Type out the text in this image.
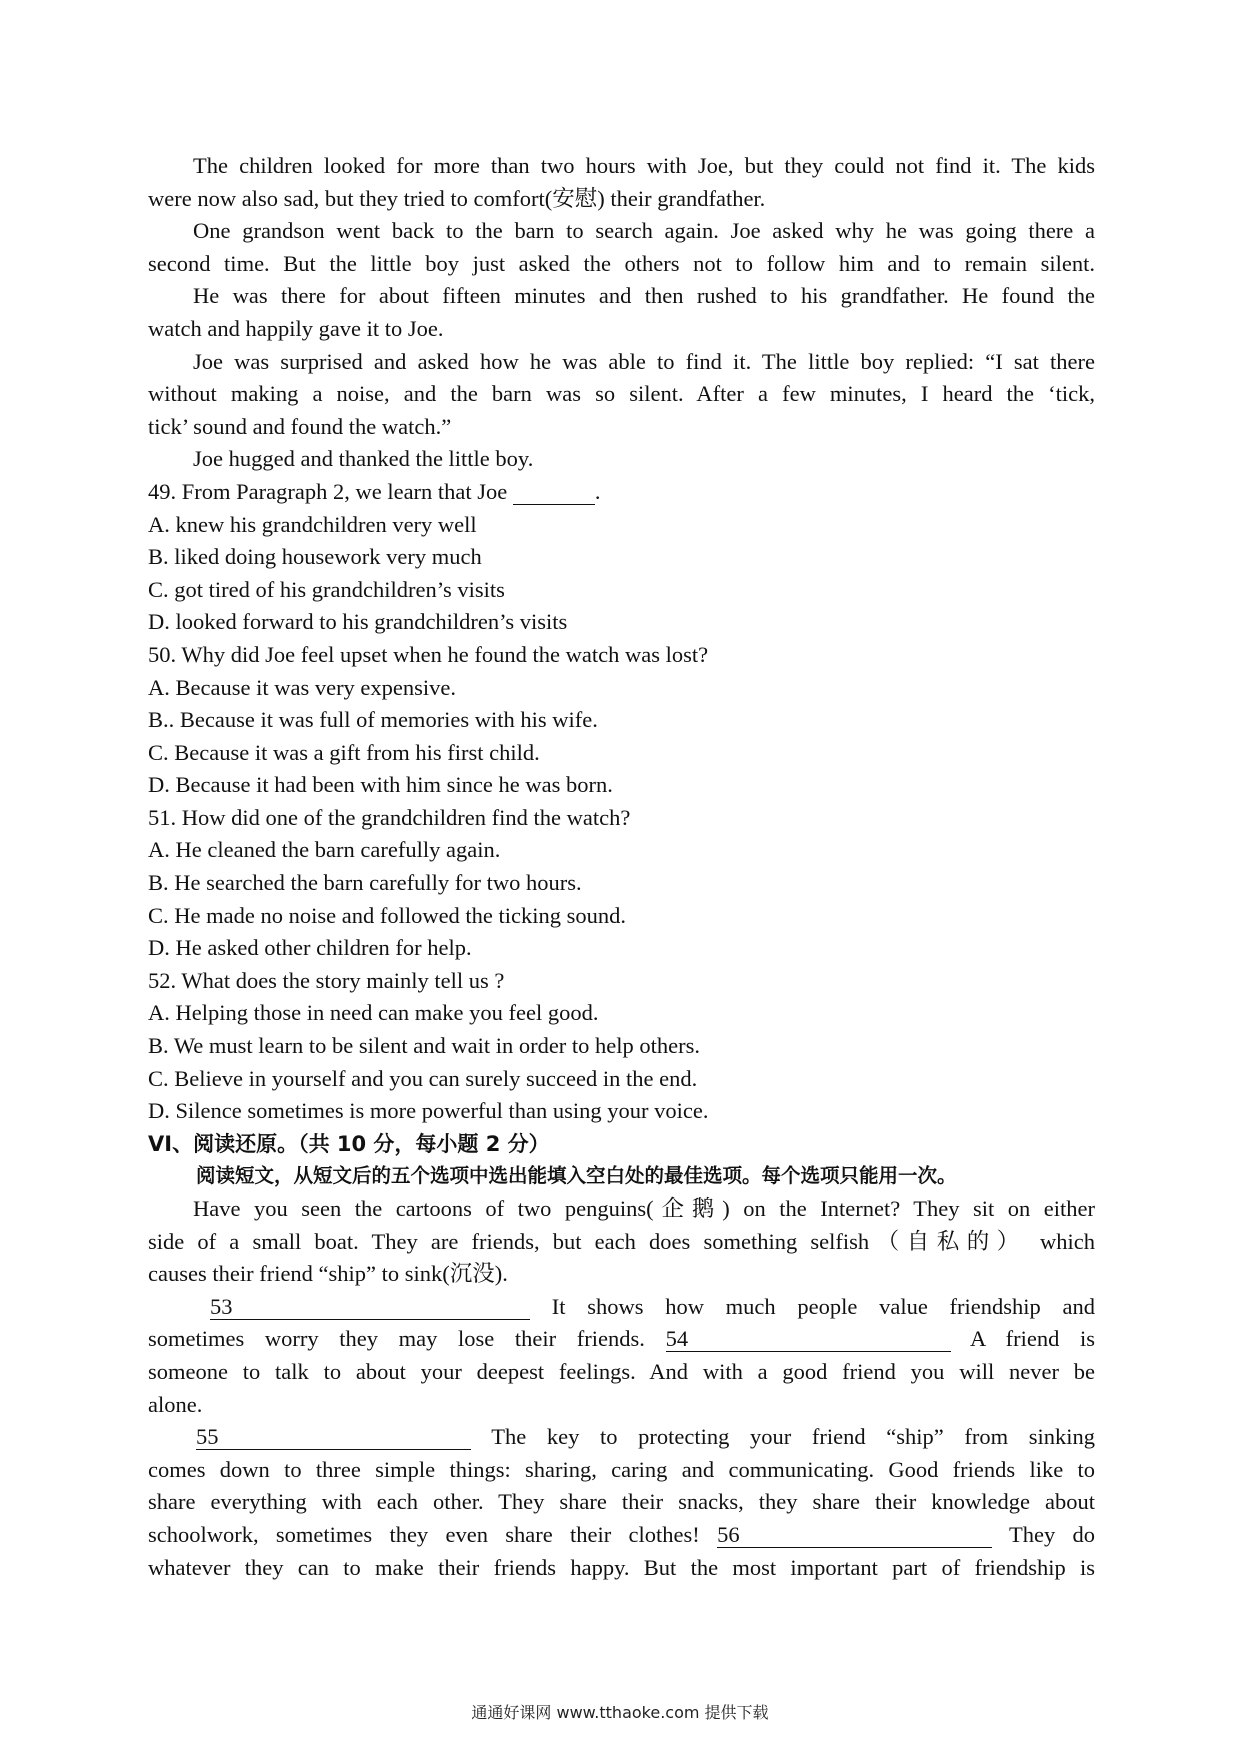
The children looked for more than two hours with Joe, but they could not find it. The kids

were now also sad, but they tried to comfort(安慰) their grandfather.

One grandson went back to the barn to search again. Joe asked why he was going there a

second time. But the little boy just asked the others not to follow him and to remain silent.

He was there for about fifteen minutes and then rushed to his grandfather. He found the

watch and happily gave it to Joe.

Joe was surprised and asked how he was able to find it. The little boy replied: “I sat there

without making a noise, and the barn was so silent. After a few minutes, I heard the ‘tick,

tick’ sound and found the watch.”

Joe hugged and thanked the little boy.

49. From Paragraph 2, we learn that Joe	.

A. knew his grandchildren very well

B. liked doing housework very much

C. got tired of his grandchildren’s visits

D. looked forward to his grandchildren’s visits

50. Why did Joe feel upset when he found the watch was lost?

A. Because it was very expensive.

B.. Because it was full of memories with his wife.

C. Because it was a gift from his first child.

D. Because it had been with him since he was born.

51. How did one of the grandchildren find the watch?

A. He cleaned the barn carefully again.

B. He searched the barn carefully for two hours.

C. He made no noise and followed the ticking sound.

D. He asked other children for help.

52. What does the story mainly tell us ?

A. Helping those in need can make you feel good.

B. We must learn to be silent and wait in order to help others.

C. Believe in yourself and you can surely succeed in the end.

D. Silence sometimes is more powerful than using your voice.

VI、阅读还原。（共 10 分，每小题 2 分）

阅读短文，从短文后的五个选项中选出能填入空白处的最佳选项。每个选项只能用一次。

Have you seen the cartoons of two penguins(企鹅) on the Internet? They sit on either

side of a small boat. They are friends, but each does something selfish（自私的） which

causes their friend “ship” to sink(沉没).

53	It shows how much people value friendship and

sometimes worry they may lose their friends. 54	A friend is

someone to talk to about your deepest feelings. And with a good friend you will never be

alone.

55	The key to protecting your friend “ship” from sinking

comes down to three simple things: sharing, caring and communicating. Good friends like to

share everything with each other. They share their snacks, they share their knowledge about

schoolwork, sometimes they even share their clothes! 56	They do

whatever they can to make their friends happy. But the most important part of friendship is

通通好课网 www.tthaoke.com 提供下载
